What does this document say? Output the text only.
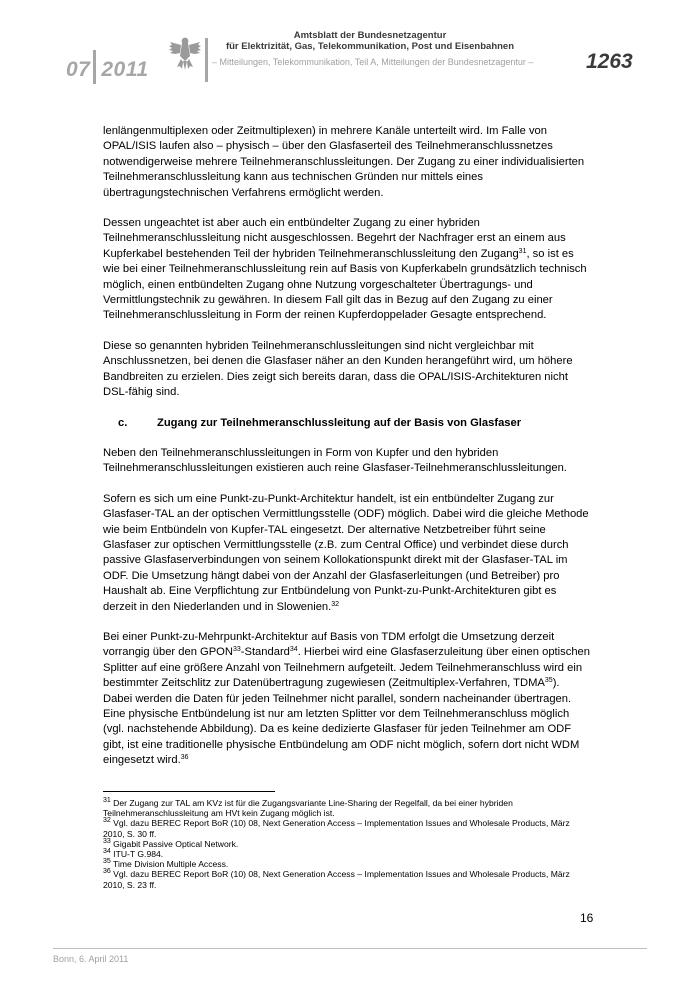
07 2011
Amtsblatt der Bundesnetzagentur
für Elektrizität, Gas, Telekommunikation, Post und Eisenbahnen
– Mitteilungen, Telekommunikation, Teil A, Mitteilungen der Bundesnetzagentur –	1263

lenlängenmultiplexen oder Zeitmultiplexen) in mehrere Kanäle unterteilt wird. Im Falle von OPAL/ISIS laufen also – physisch – über den Glasfaserteil des Teilnehmeranschlussnetzes notwendigerweise mehrere Teilnehmeranschlussleitungen. Der Zugang zu einer individualisierten Teilnehmeranschlussleitung kann aus technischen Gründen nur mittels eines übertragungstechnischen Verfahrens ermöglicht werden.

Dessen ungeachtet ist aber auch ein entbündelter Zugang zu einer hybriden Teilnehmeranschlussleitung nicht ausgeschlossen. Begehrt der Nachfrager erst an einem aus Kupferkabel bestehenden Teil der hybriden Teilnehmeranschlussleitung den Zugang$^{31}$, so ist es wie bei einer Teilnehmeranschlussleitung rein auf Basis von Kupferkabeln grundsätzlich technisch möglich, einen entbündelten Zugang ohne Nutzung vorgeschalteter Übertragungs- und Vermittlungstechnik zu gewähren. In diesem Fall gilt das in Bezug auf den Zugang zu einer Teilnehmeranschlussleitung in Form der reinen Kupferdoppelader Gesagte entsprechend.

Diese so genannten hybriden Teilnehmeranschlussleitungen sind nicht vergleichbar mit Anschlussnetzen, bei denen die Glasfaser näher an den Kunden herangeführt wird, um höhere Bandbreiten zu erzielen. Dies zeigt sich bereits daran, dass die OPAL/ISIS-Architekturen nicht DSL-fähig sind.

c.	Zugang zur Teilnehmeranschlussleitung auf der Basis von Glasfaser

Neben den Teilnehmeranschlussleitungen in Form von Kupfer und den hybriden Teilnehmeranschlussleitungen existieren auch reine Glasfaser-Teilnehmeranschlussleitungen.

Sofern es sich um eine Punkt-zu-Punkt-Architektur handelt, ist ein entbündelter Zugang zur Glasfaser-TAL an der optischen Vermittlungsstelle (ODF) möglich. Dabei wird die gleiche Methode wie beim Entbündeln von Kupfer-TAL eingesetzt. Der alternative Netzbetreiber führt seine Glasfaser zur optischen Vermittlungsstelle (z.B. zum Central Office) und verbindet diese durch passive Glasfaserverbindungen von seinem Kollokationspunkt direkt mit der Glasfaser-TAL im ODF. Die Umsetzung hängt dabei von der Anzahl der Glasfaserleitungen (und Betreiber) pro Haushalt ab. Eine Verpflichtung zur Entbündelung von Punkt-zu-Punkt-Architekturen gibt es derzeit in den Niederlanden und in Slowenien.$^{32}$

Bei einer Punkt-zu-Mehrpunkt-Architektur auf Basis von TDM erfolgt die Umsetzung derzeit vorrangig über den GPON$^{33}$-Standard$^{34}$. Hierbei wird eine Glasfaserzuleitung über einen optischen Splitter auf eine größere Anzahl von Teilnehmern aufgeteilt. Jedem Teilnehmeranschluss wird ein bestimmter Zeitschlitz zur Datenübertragung zugewiesen (Zeitmultiplex-Verfahren, TDMA$^{35}$). Dabei werden die Daten für jeden Teilnehmer nicht parallel, sondern nacheinander übertragen. Eine physische Entbündelung ist nur am letzten Splitter vor dem Teilnehmeranschluss möglich (vgl. nachstehende Abbildung). Da es keine dedizierte Glasfaser für jeden Teilnehmer am ODF gibt, ist eine traditionelle physische Entbündelung am ODF nicht möglich, sofern dort nicht WDM eingesetzt wird.$^{36}$

$^{31}$ Der Zugang zur TAL am KVz ist für die Zugangsvariante Line-Sharing der Regelfall, da bei einer hybriden Teilnehmeranschlussleitung am HVt kein Zugang möglich ist.
$^{32}$ Vgl. dazu BEREC Report BoR (10) 08, Next Generation Access – Implementation Issues and Wholesale Products, März 2010, S. 30 ff.
$^{33}$ Gigabit Passive Optical Network.
$^{34}$ ITU-T G.984.
$^{35}$ Time Division Multiple Access.
$^{36}$ Vgl. dazu BEREC Report BoR (10) 08, Next Generation Access – Implementation Issues and Wholesale Products, März 2010, S. 23 ff.
16
Bonn, 6. April 2011
